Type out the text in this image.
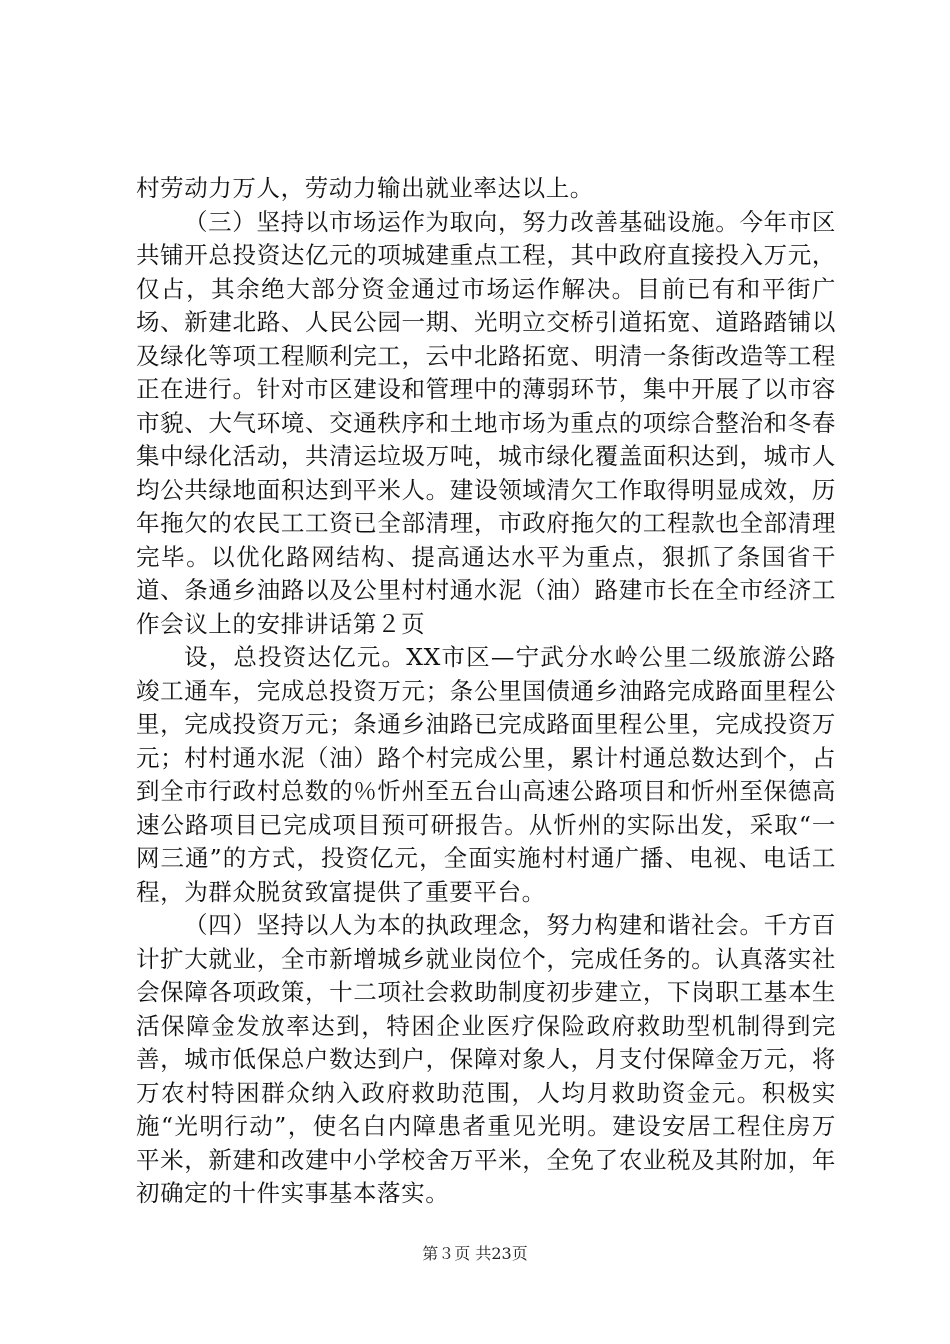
村劳动力万人，劳动力输出就业率达以上。

（三）坚持以市场运作为取向，努力改善基础设施。今年市区共铺开总投资达亿元的项城建重点工程，其中政府直接投入万元，仅占，其余绝大部分资金通过市场运作解决。目前已有和平街广场、新建北路、人民公园一期、光明立交桥引道拓宽、道路踏铺以及绿化等项工程顺利完工，云中北路拓宽、明清一条街改造等工程正在进行。针对市区建设和管理中的薄弱环节，集中开展了以市容市貌、大气环境、交通秩序和土地市场为重点的项综合整治和冬春集中绿化活动，共清运垃圾万吨，城市绿化覆盖面积达到，城市人均公共绿地面积达到平米人。建设领域清欠工作取得明显成效，历年拖欠的农民工工资已全部清理，市政府拖欠的工程款也全部清理完毕。以优化路网结构、提高通达水平为重点，狠抓了条国省干道、条通乡油路以及公里村村通水泥（油）路建市长在全市经济工作会议上的安排讲话第２页

设，总投资达亿元。XX市区—宁武分水岭公里二级旅游公路竣工通车，完成总投资万元；条公里国债通乡油路完成路面里程公里，完成投资万元；条通乡油路已完成路面里程公里，完成投资万元；村村通水泥（油）路个村完成公里，累计村通总数达到个，占到全市行政村总数的％忻州至五台山高速公路项目和忻州至保德高速公路项目已完成项目预可研报告。从忻州的实际出发，采取“一网三通”的方式，投资亿元，全面实施村村通广播、电视、电话工程，为群众脱贫致富提供了重要平台。

（四）坚持以人为本的执政理念，努力构建和谐社会。千方百计扩大就业，全市新增城乡就业岗位个，完成任务的。认真落实社会保障各项政策，十二项社会救助制度初步建立，下岗职工基本生活保障金发放率达到，特困企业医疗保险政府救助型机制得到完善，城市低保总户数达到户，保障对象人，月支付保障金万元，将万农村特困群众纳入政府救助范围，人均月救助资金元。积极实施“光明行动”，使名白内障患者重见光明。建设安居工程住房万平米，新建和改建中小学校舍万平米，全免了农业税及其附加，年初确定的十件实事基本落实。

第３页 共23页
